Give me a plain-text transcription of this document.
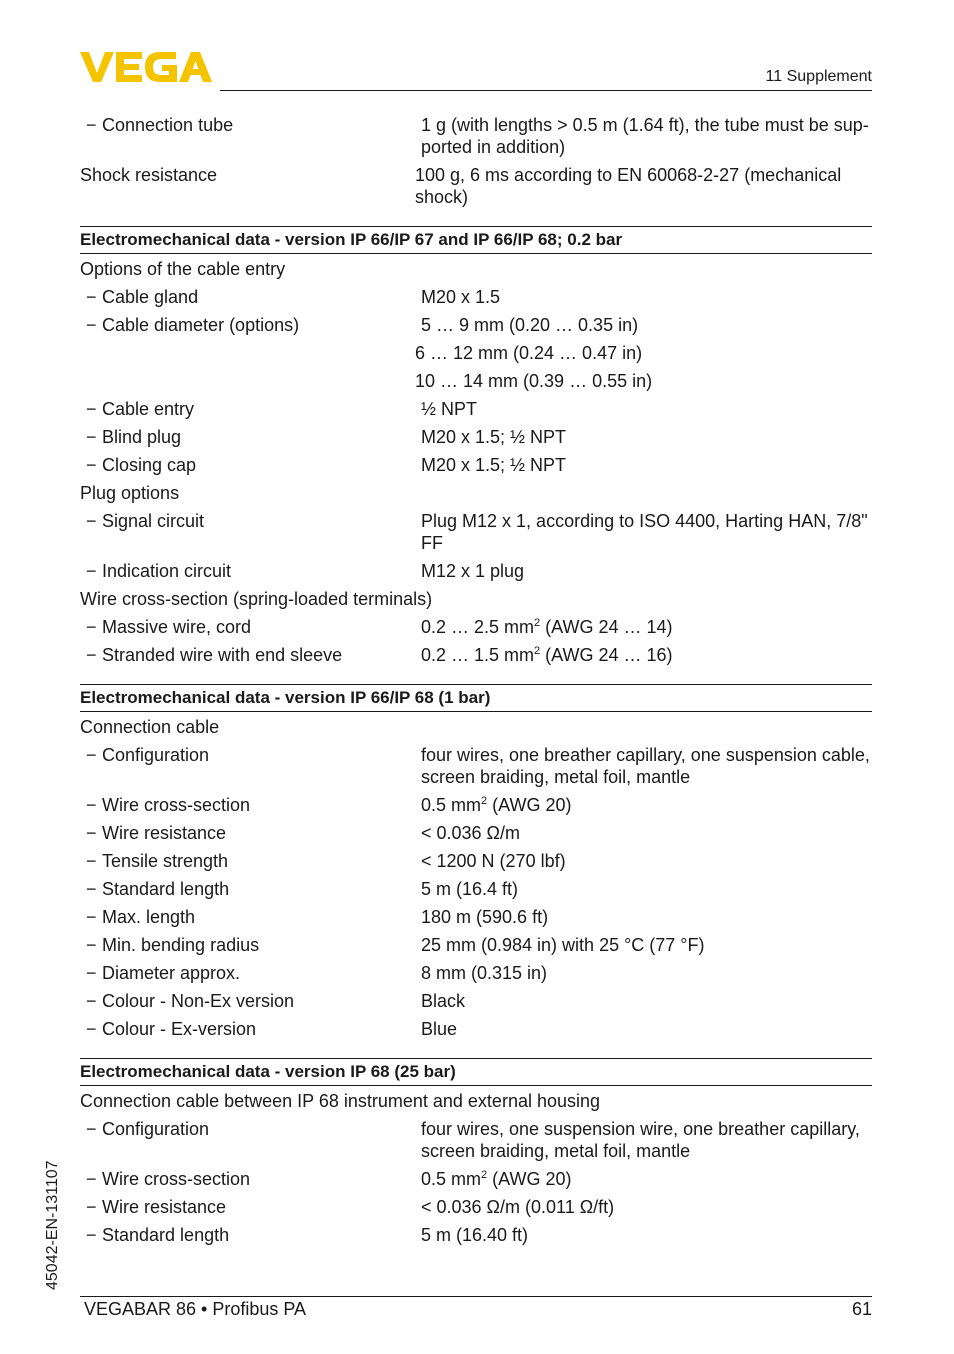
11 Supplement
− Connection tube	1 g (with lengths > 0.5 m (1.64 ft), the tube must be sup-ported in addition)
Shock resistance	100 g, 6 ms according to EN 60068-2-27 (mechanical shock)
Electromechanical data - version IP 66/IP 67 and IP 66/IP 68; 0.2 bar
Options of the cable entry
− Cable gland	M20 x 1.5
− Cable diameter (options)	5 … 9 mm (0.20 … 0.35 in)
6 … 12 mm (0.24 … 0.47 in)
10 … 14 mm (0.39 … 0.55 in)
− Cable entry	½ NPT
− Blind plug	M20 x 1.5; ½ NPT
− Closing cap	M20 x 1.5; ½ NPT
Plug options
− Signal circuit	Plug M12 x 1, according to ISO 4400, Harting HAN, 7/8" FF
− Indication circuit	M12 x 1 plug
Wire cross-section (spring-loaded terminals)
− Massive wire, cord	0.2 … 2.5 $mm^2$ (AWG 24 … 14)
− Stranded wire with end sleeve	0.2 … 1.5 $mm^2$ (AWG 24 … 16)
Electromechanical data - version IP 66/IP 68 (1 bar)
Connection cable
− Configuration	four wires, one breather capillary, one suspension cable, screen braiding, metal foil, mantle
− Wire cross-section	0.5 $mm^2$ (AWG 20)
− Wire resistance	< 0.036 Ω/m
− Tensile strength	< 1200 N (270 lbf)
− Standard length	5 m (16.4 ft)
− Max. length	180 m (590.6 ft)
− Min. bending radius	25 mm (0.984 in) with 25 °C (77 °F)
− Diameter approx.	8 mm (0.315 in)
− Colour - Non-Ex version	Black
− Colour - Ex-version	Blue
Electromechanical data - version IP 68 (25 bar)
Connection cable between IP 68 instrument and external housing
− Configuration	four wires, one suspension wire, one breather capillary, screen braiding, metal foil, mantle
− Wire cross-section	0.5 $mm^2$ (AWG 20)
− Wire resistance	< 0.036 Ω/m (0.011 Ω/ft)
− Standard length	5 m (16.40 ft)
45042-EN-131107
VEGABAR 86 • Profibus PA	61
